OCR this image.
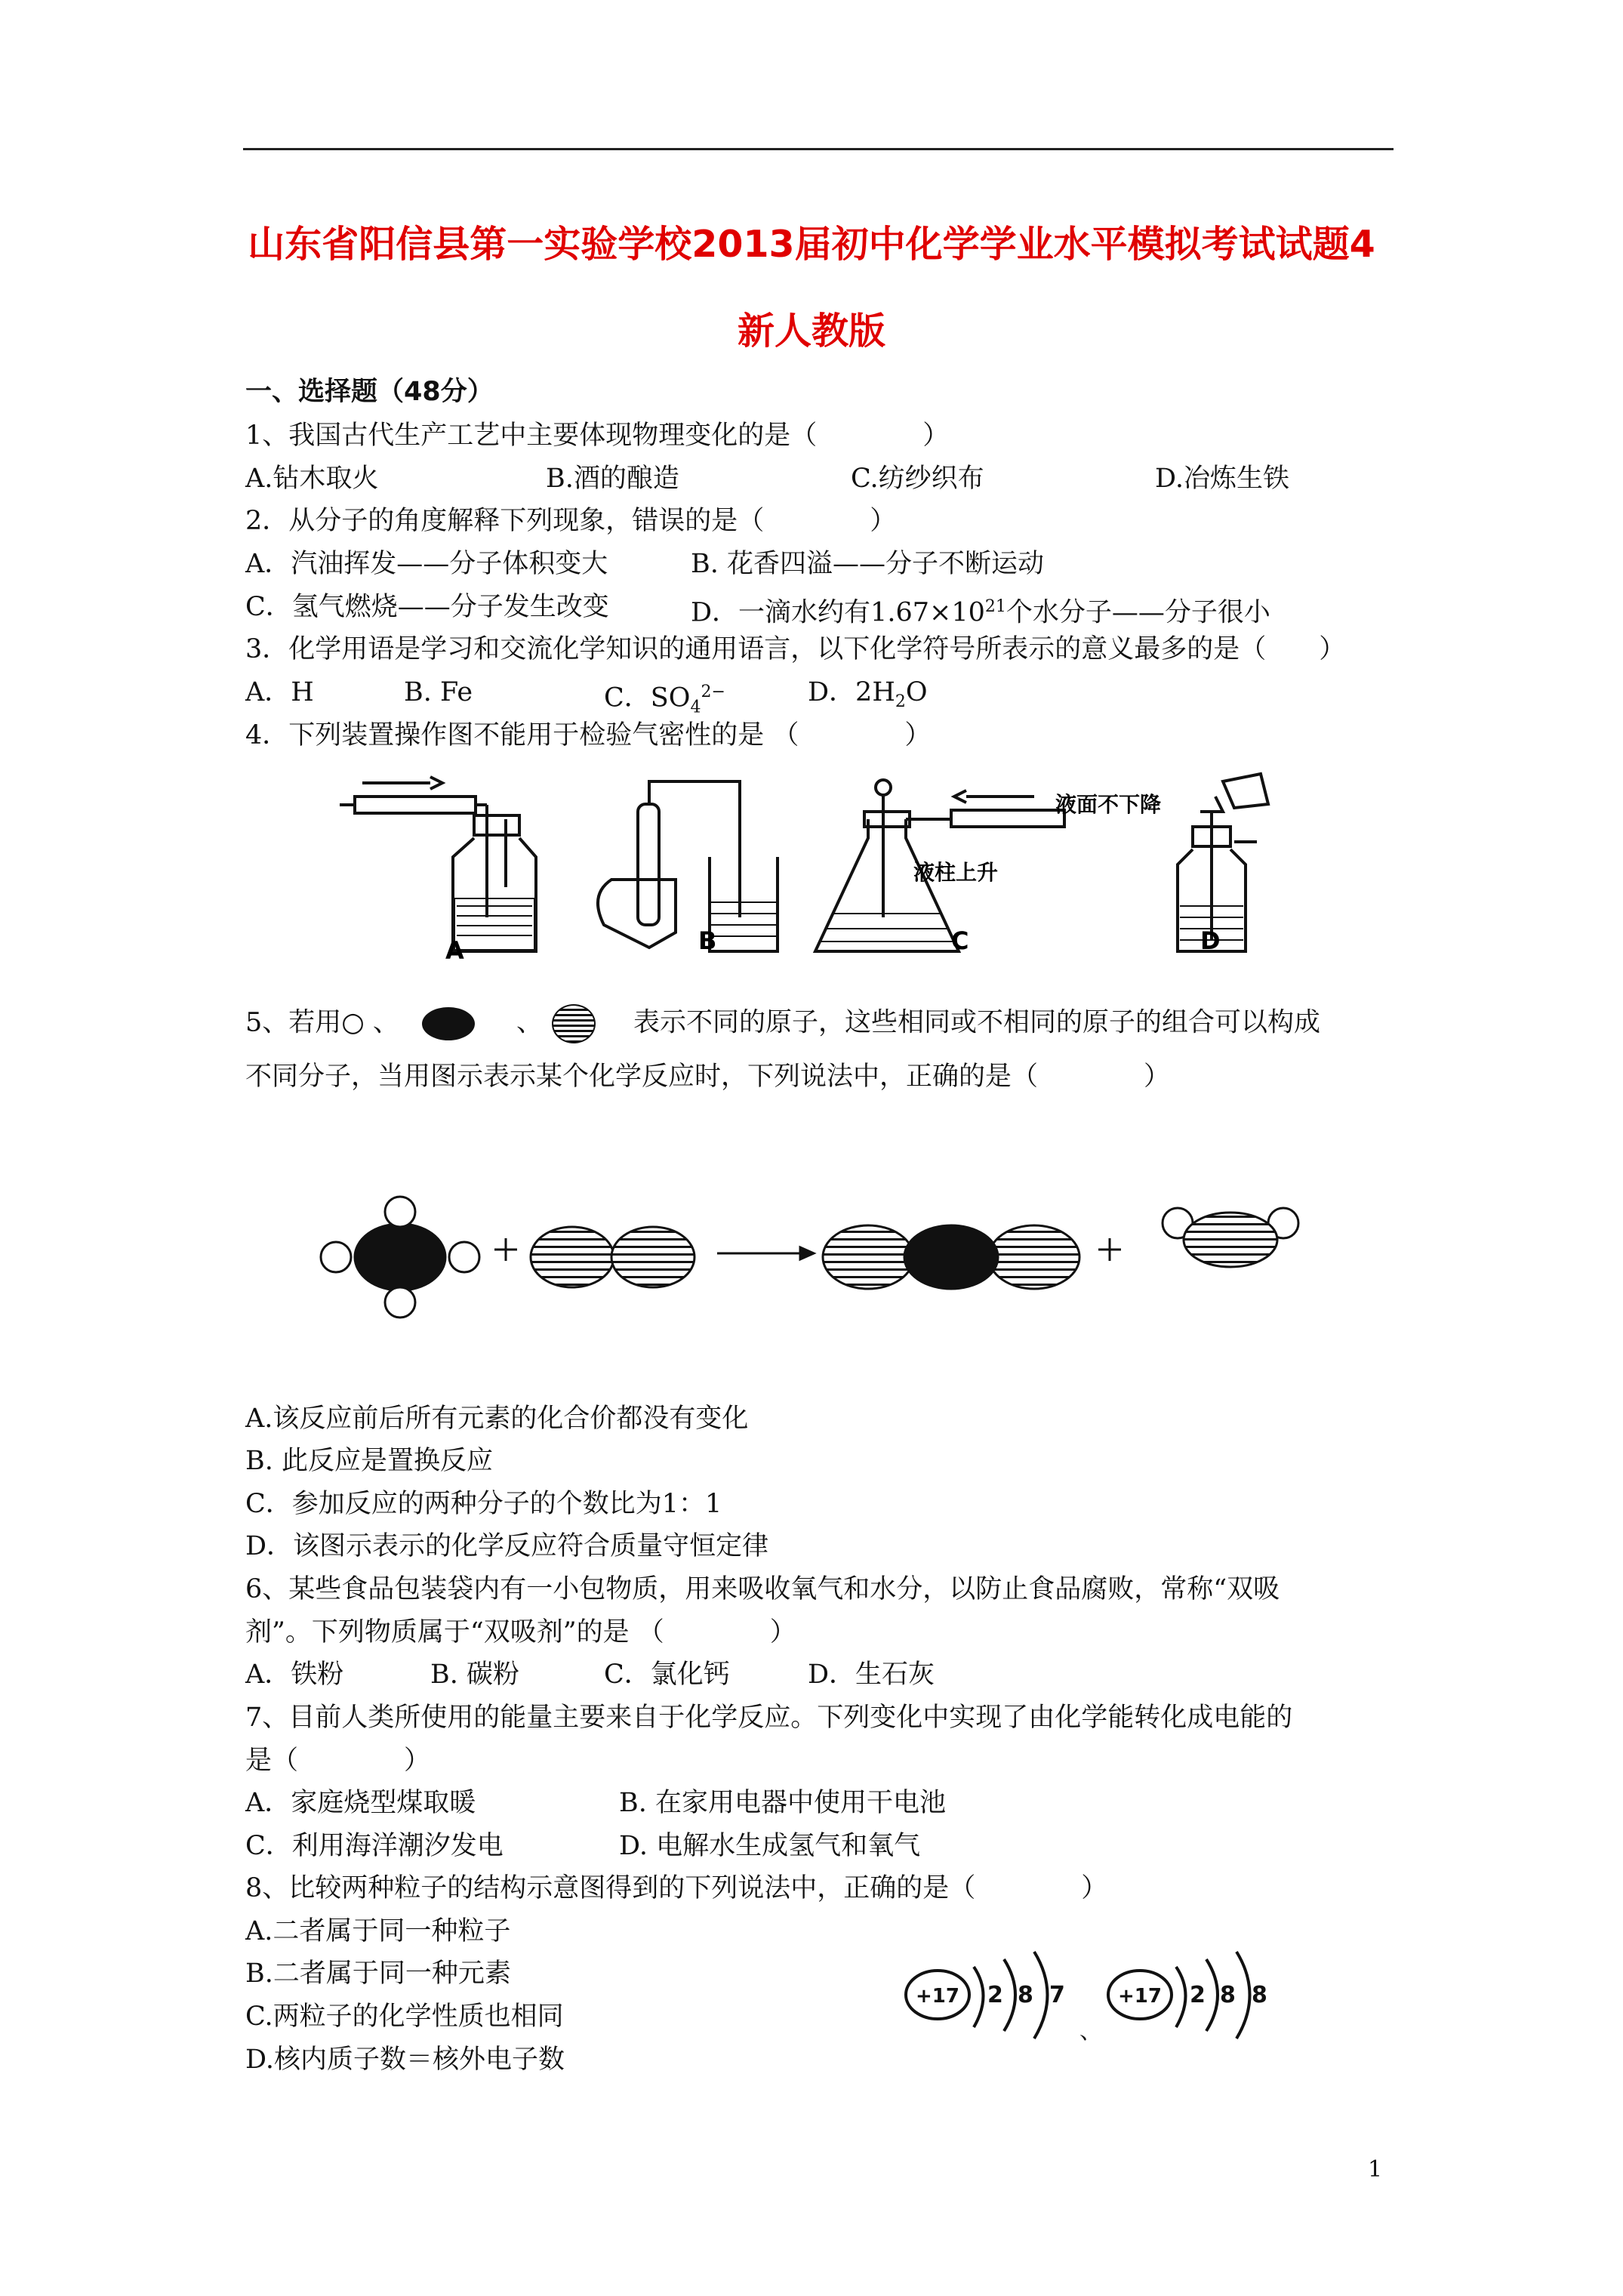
山东省阳信县第一实验学校2013届初中化学学业水平模拟考试试题4
新人教版
一、选择题（48分）
1、我国古代生产工艺中主要体现物理变化的是（　　　　）
A.钻木取火	B.酒的酿造	C.纺纱织布	D.冶炼生铁
2．从分子的角度解释下列现象，错误的是（　　　　）
A．汽油挥发——分子体积变大	B. 花香四溢——分子不断运动
C．氢气燃烧——分子发生改变	D．一滴水约有$1.67\times 10^{21}$个水分子——分子很小
3．化学用语是学习和交流化学知识的通用语言，以下化学符号所表示的意义最多的是（　　）
A．H	B. Fe	C．$SO_4^{2-}$	D．$2H_2O$
4．下列装置操作图不能用于检验气密性的是 （　　　　）
A	B	C	D
液柱上升
液面不下降
5、若用○ 、	、	表示不同的原子，这些相同或不相同的原子的组合可以构成
不同分子，当用图示表示某个化学反应时，下列说法中，正确的是（　　　　）
A.该反应前后所有元素的化合价都没有变化
B. 此反应是置换反应
C．参加反应的两种分子的个数比为1：1
D．该图示表示的化学反应符合质量守恒定律
6、某些食品包装袋内有一小包物质，用来吸收氧气和水分，以防止食品腐败，常称“双吸
剂”。下列物质属于“双吸剂”的是 （　　　　）
A．铁粉	B. 碳粉	C．氯化钙	D．生石灰
7、目前人类所使用的能量主要来自于化学反应。下列变化中实现了由化学能转化成电能的
是（　　　　）
A．家庭烧型煤取暖	B. 在家用电器中使用干电池
C．利用海洋潮汐发电	D. 电解水生成氢气和氧气
8、比较两种粒子的结构示意图得到的下列说法中，正确的是（　　　　）
A.二者属于同一种粒子
B.二者属于同一种元素
C.两粒子的化学性质也相同
D.核内质子数＝核外电子数
+17 2 8 7
、
+17 2 8 8
1
